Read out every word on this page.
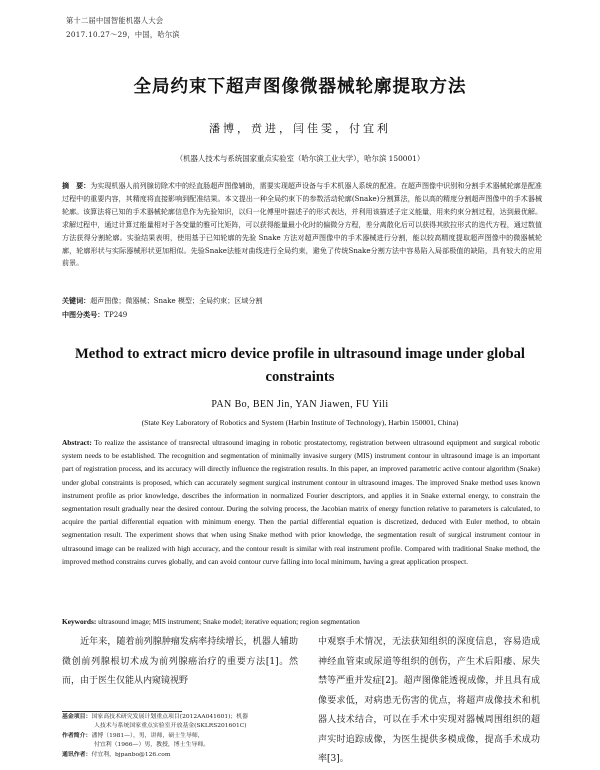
第十二届中国智能机器人大会
2017.10.27～29，中国，哈尔滨
全局约束下超声图像微器械轮廓提取方法
潘博，贲进，闫佳雯，付宜利
（机器人技术与系统国家重点实验室（哈尔滨工业大学），哈尔滨 150001）
摘　要：为实现机器人前列腺切除术中的经直肠超声图像辅助，需要实现超声设备与手术机器人系统的配准。在超声图像中识别和分割手术器械轮廓是配准过程中的重要内容，其精度将直接影响到配准结果。本文提出一种全局约束下的参数活动轮廓(Snake)分割算法，能以高的精度分割超声图像中的手术器械轮廓。该算法将已知的手术器械轮廓信息作为先验知识，以归一化傅里叶描述子的形式表达，并利用该描述子定义能量，用来约束分割过程，达到最优解。求解过程中，通过计算过能量相对于各变量的雅可比矩阵，可以获得能量最小化时的偏微分方程，差分离散化后可以获得其欧拉形式的迭代方程，通过数值方法获得分割轮廓。实验结果表明，使用基于已知轮廓的先验 Snake 方法对超声图像中的手术器械进行分割，能以较高精度提取超声图像中的微器械轮廓，轮廓形状与实际器械形状更加相似。先验Snake法能对曲线进行全局约束，避免了传统Snake分割方法中容易陷入局部极值的缺陷，具有较大的应用前景。
关键词：超声图像；微器械；Snake 模型；全局约束；区域分割
中图分类号：TP249
Method to extract micro device profile in ultrasound image under global constraints
PAN Bo, BEN Jin, YAN Jiawen, FU Yili
(State Key Laboratory of Robotics and System (Harbin Institute of Technology), Harbin 150001, China)
Abstract: To realize the assistance of transrectal ultrasound imaging in robotic prostatectomy, registration between ultrasound equipment and surgical robotic system needs to be established. The recognition and segmentation of minimally invasive surgery (MIS) instrument contour in ultrasound image is an important part of registration process, and its accuracy will directly influence the registration results. In this paper, an improved parametric active contour algorithm (Snake) under global constraints is proposed, which can accurately segment surgical instrument contour in ultrasound images. The improved Snake method uses known instrument profile as prior knowledge, describes the information in normalized Fourier descriptors, and applies it in Snake external energy, to constrain the segmentation result gradually near the desired contour. During the solving process, the Jacobian matrix of energy function relative to parameters is calculated, to acquire the partial differential equation with minimum energy. Then the partial differential equation is discretized, deduced with Euler method, to obtain segmentation result. The experiment shows that when using Snake method with prior knowledge, the segmentation result of surgical instrument contour in ultrasound image can be realized with high accuracy, and the contour result is similar with real instrument profile. Compared with traditional Snake method, the improved method constrains curves globally, and can avoid contour curve falling into local minimum, having a great application prospect.
Keywords: ultrasound image; MIS instrument; Snake model; iterative equation; region segmentation
近年来，随着前列腺肿瘤发病率持续增长，机器人辅助微创前列腺根切术成为前列腺癌治疗的重要方法[1]。然而，由于医生仅能从内窥镜视野
中观察手术情况，无法获知组织的深度信息，容易造成神经血管束或尿道等组织的创伤，产生术后阳痿、尿失禁等严重并发症[2]。超声图像能透视成像，并且具有成像要求低，对病患无伤害的优点，将超声成像技术和机器人技术结合，可以在手术中实现对器械周围组织的超声实时追踪成像，为医生提供多模成像，提高手术成功率[3]。
基金项目：国家高技术研究发展计划重点项目(2012AA041601)；机器
人技术与系统国家重点实验室开放基金(SKLRS201601C)
作者简介：潘博（1981—），男，讲师，硕士生导师，
付宜利（1966—）男，教授，博士生导师。
通讯作者：付宜利，bjpanbo@126.com
